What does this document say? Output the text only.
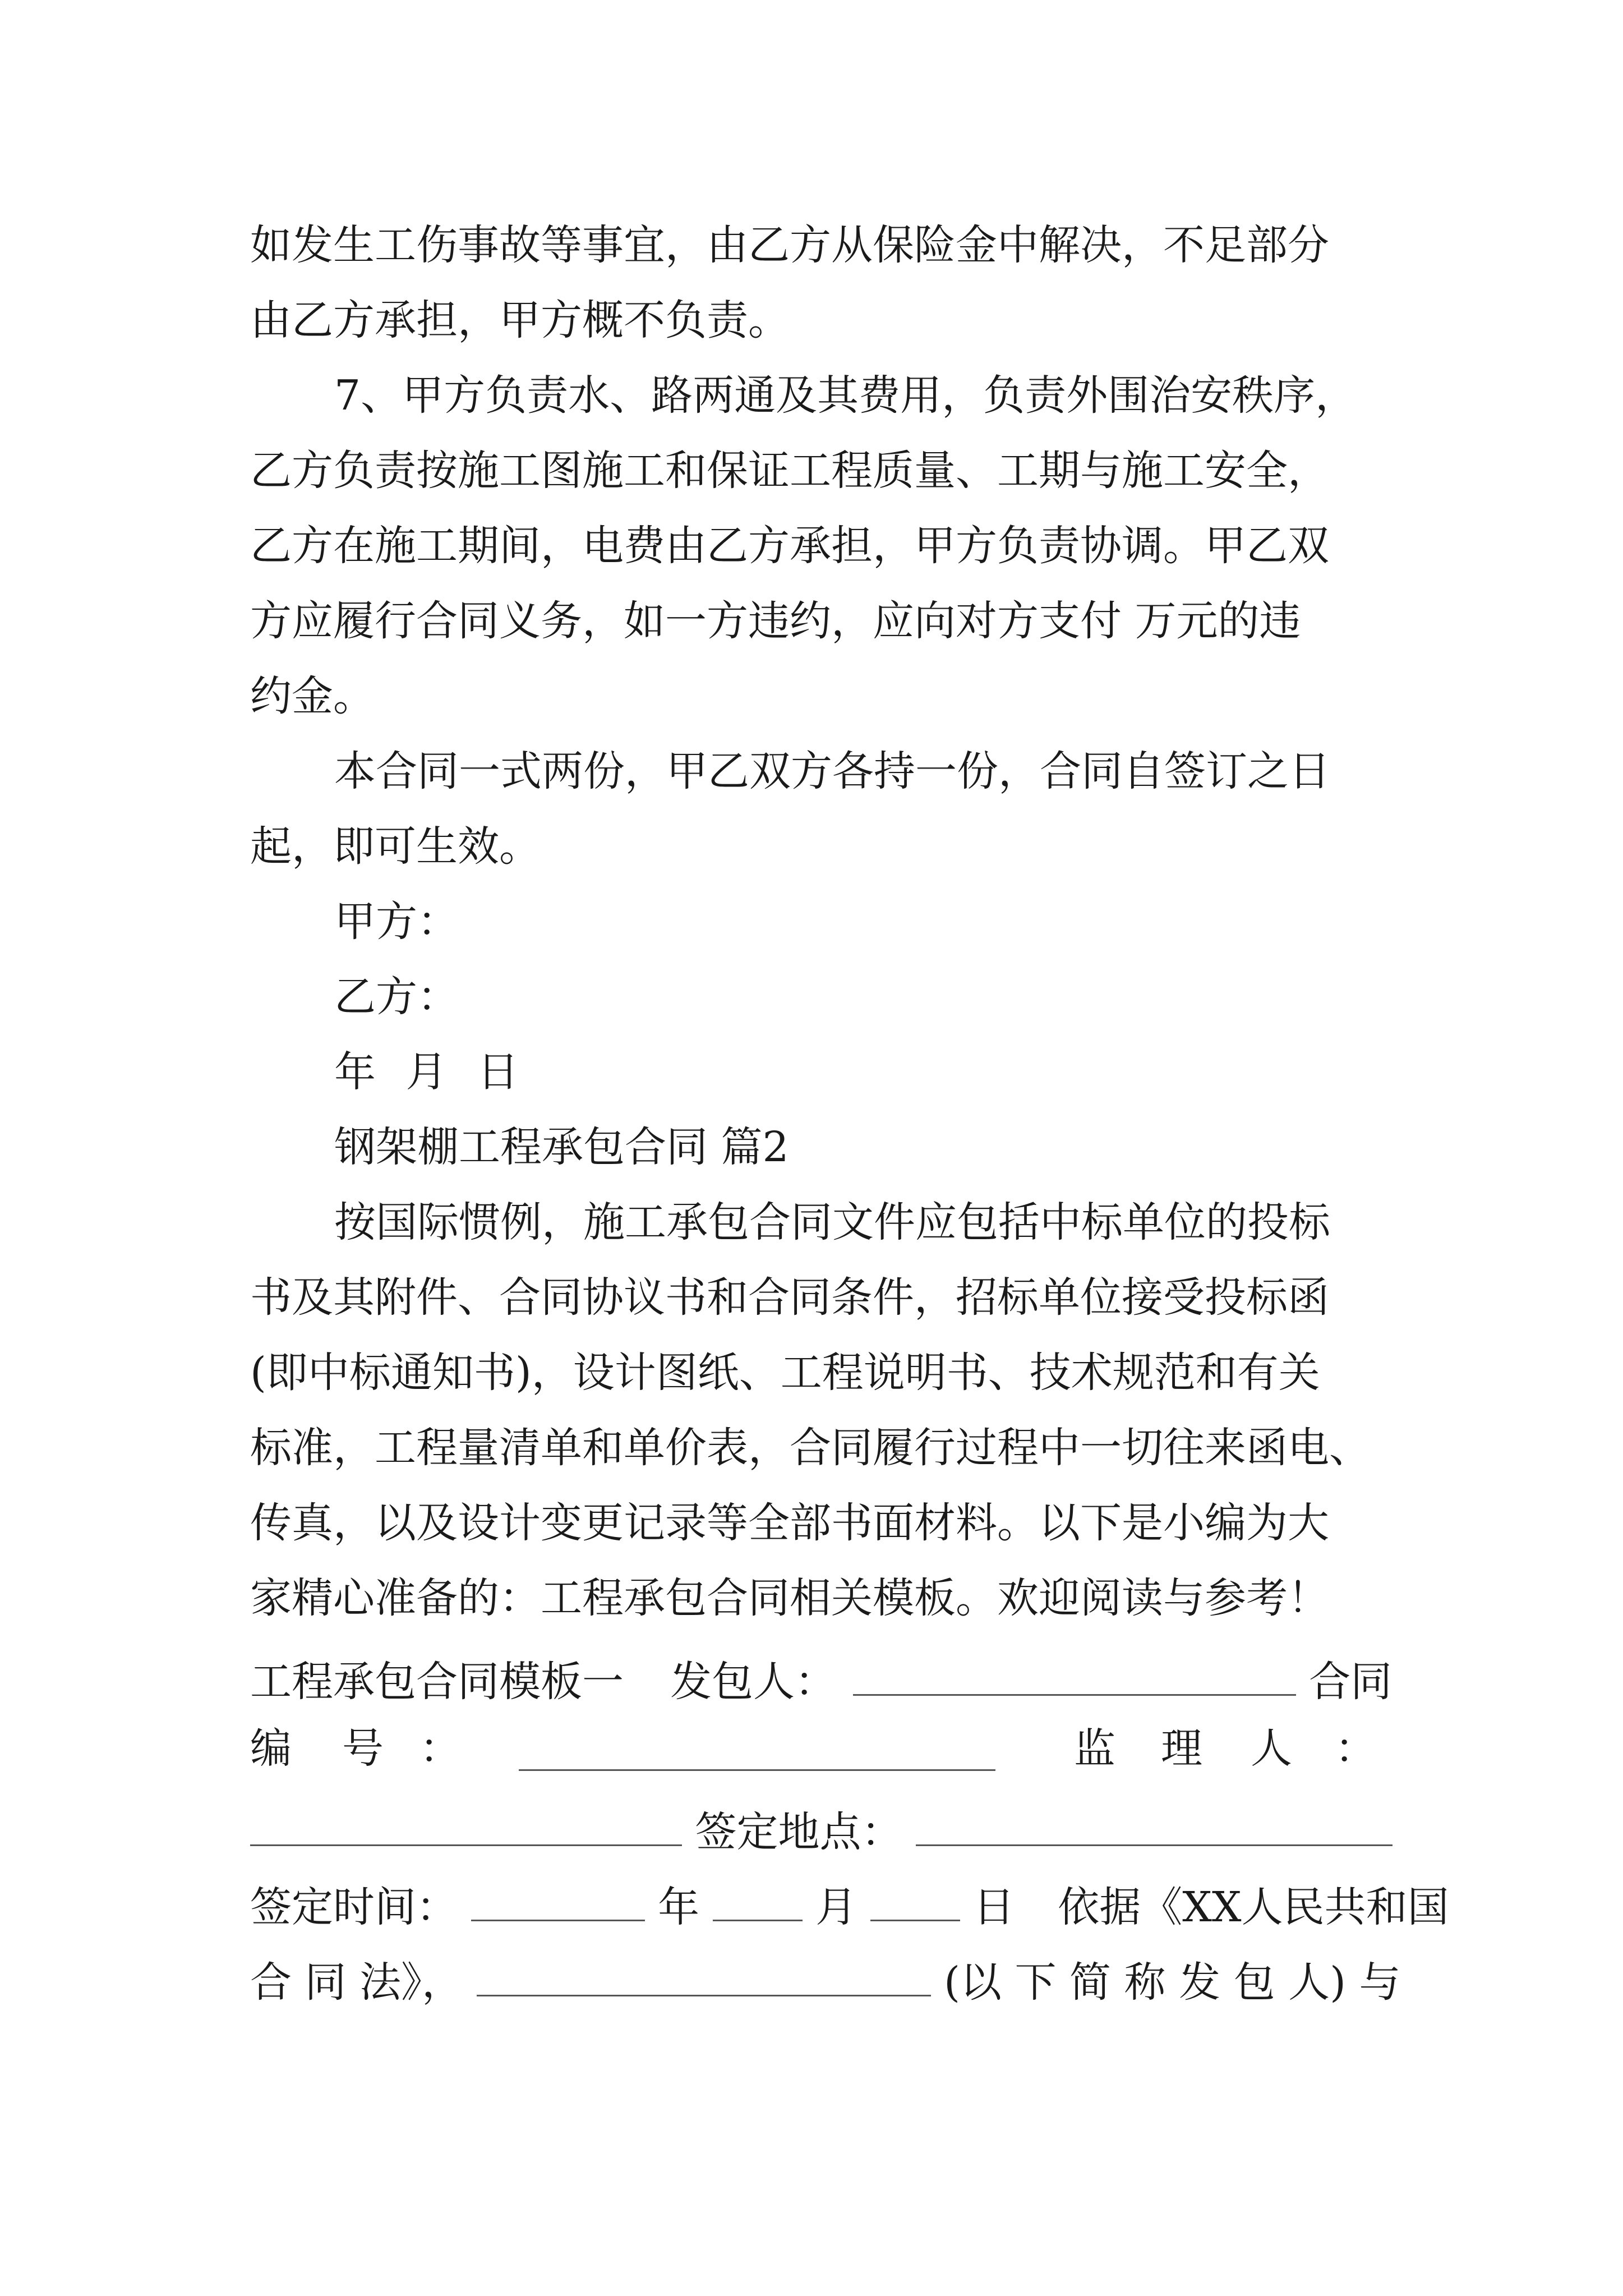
如发生工伤事故等事宜，由乙方从保险金中解决，不足部分
由乙方承担，甲方概不负责。
7、甲方负责水、路两通及其费用，负责外围治安秩序，
乙方负责按施工图施工和保证工程质量、工期与施工安全，
乙方在施工期间，电费由乙方承担，甲方负责协调。甲乙双
方应履行合同义务，如一方违约，应向对方支付 万元的违
约金。
本合同一式两份，甲乙双方各持一份，合同自签订之日
起，即可生效。
甲方：
乙方：
年 月 日
钢架棚工程承包合同 篇2
按国际惯例，施工承包合同文件应包括中标单位的投标
书及其附件、合同协议书和合同条件，招标单位接受投标函
(即中标通知书)，设计图纸、工程说明书、技术规范和有关
标准，工程量清单和单价表，合同履行过程中一切往来函电、
传真，以及设计变更记录等全部书面材料。以下是小编为大
家精心准备的：工程承包合同相关模板。欢迎阅读与参考！
工程承包合同模板一 发包人：	合同
编 号 ：	监 理 人 ：
签定地点：
签定时间：	年	月	日 依据《XX人民共和国
合 同 法》，	(以 下 简 称 发 包 人) 与
